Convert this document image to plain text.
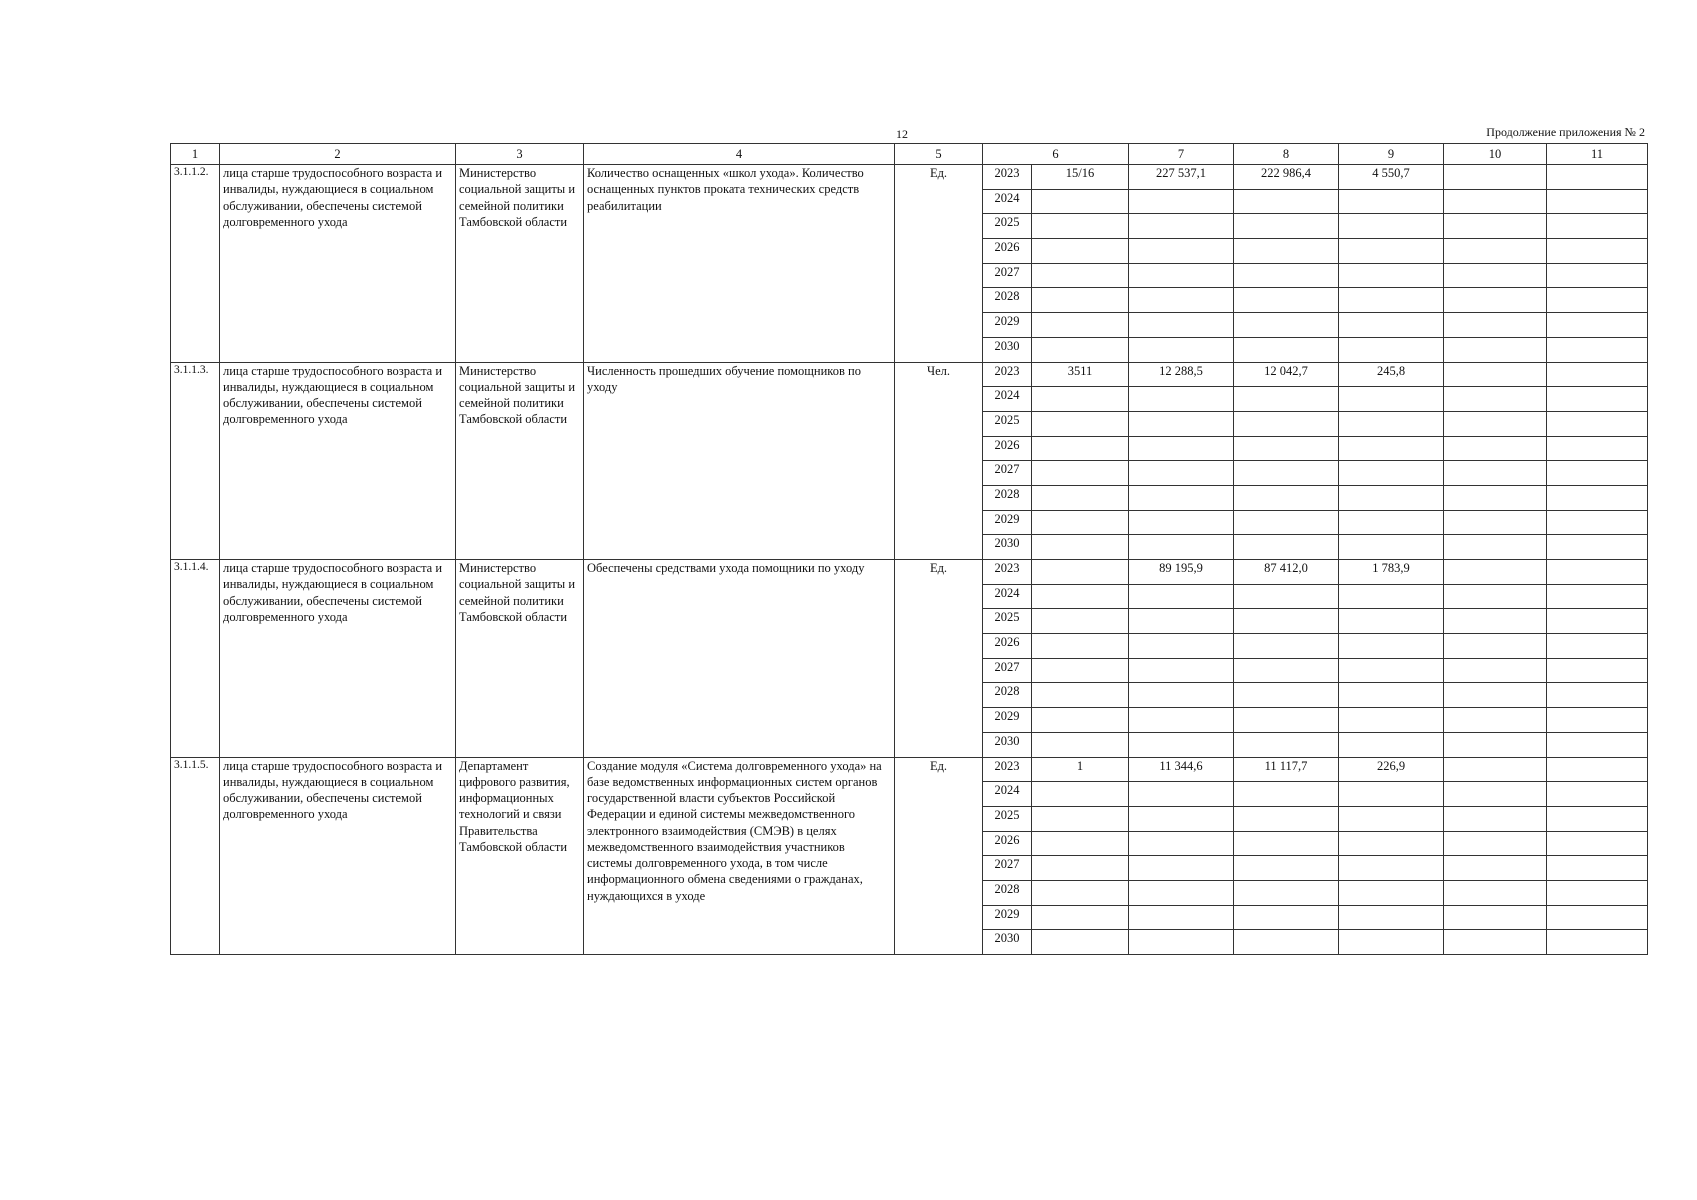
12	Продолжение приложения № 2
1	2	3	4	5	6		7	8	9	10	11
3.1.1.2.	лица старше трудоспособного возраста и инвалиды, нуждающиеся в социальном обслуживании, обеспечены системой долговременного ухода	Министерство социальной защиты и семейной политики Тамбовской области	Количество оснащенных «школ ухода». Количество оснащенных пунктов проката технических средств реабилитации	Ед.	2023	15/16	227 537,1	222 986,4	4 550,7		
					2024						
					2025						
					2026						
					2027						
					2028						
					2029						
					2030						
3.1.1.3.	лица старше трудоспособного возраста и инвалиды, нуждающиеся в социальном обслуживании, обеспечены системой долговременного ухода	Министерство социальной защиты и семейной политики Тамбовской области	Численность прошедших обучение помощников по уходу	Чел.	2023	3511	12 288,5	12 042,7	245,8		
					2024						
					2025						
					2026						
					2027						
					2028						
					2029						
					2030						
3.1.1.4.	лица старше трудоспособного возраста и инвалиды, нуждающиеся в социальном обслуживании, обеспечены системой долговременного ухода	Министерство социальной защиты и семейной политики Тамбовской области	Обеспечены средствами ухода помощники по уходу	Ед.	2023		89 195,9	87 412,0	1 783,9		
					2024						
					2025						
					2026						
					2027						
					2028						
					2029						
					2030						
3.1.1.5.	лица старше трудоспособного возраста и инвалиды, нуждающиеся в социальном обслуживании, обеспечены системой долговременного ухода	Департамент цифрового развития, информационных технологий и связи Правительства Тамбовской области	Создание модуля «Система долговременного ухода» на базе ведомственных информационных систем органов государственной власти субъектов Российской Федерации и единой системы межведомственного электронного взаимодействия (СМЭВ) в целях межведомственного взаимодействия участников системы долговременного ухода, в том числе информационного обмена сведениями о гражданах, нуждающихся в уходе	Ед.	2023	1	11 344,6	11 117,7	226,9		
					2024						
					2025						
					2026						
					2027						
					2028						
					2029						
					2030						
